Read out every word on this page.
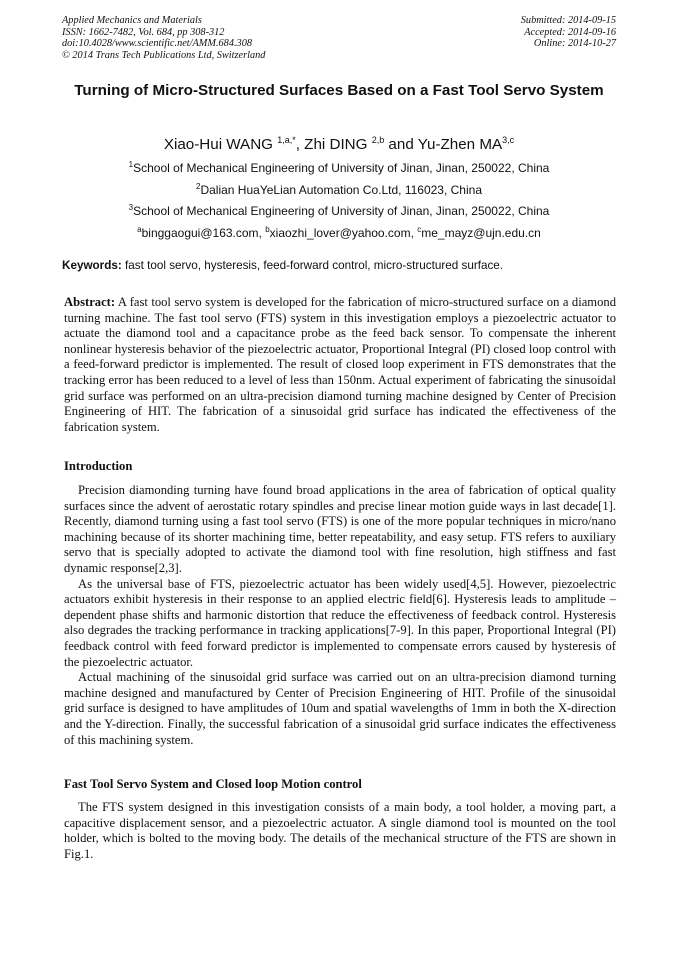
Applied Mechanics and Materials
ISSN: 1662-7482, Vol. 684, pp 308-312
doi:10.4028/www.scientific.net/AMM.684.308
© 2014 Trans Tech Publications Ltd, Switzerland
Submitted: 2014-09-15
Accepted: 2014-09-16
Online: 2014-10-27
Turning of Micro-Structured Surfaces Based on a Fast Tool Servo System
Xiao-Hui WANG $^{1,a,*}$, Zhi DING $^{2,b}$ and Yu-Zhen MA$^{3,c}$
$^1$School of Mechanical Engineering of University of Jinan, Jinan, 250022, China
$^2$Dalian HuaYeLian Automation Co.Ltd, 116023, China
$^3$School of Mechanical Engineering of University of Jinan, Jinan, 250022, China
$^a$binggaogui@163.com, $^b$xiaozhi_lover@yahoo.com, $^c$me_mayz@ujn.edu.cn
Keywords: fast tool servo, hysteresis, feed-forward control, micro-structured surface.

Abstract: A fast tool servo system is developed for the fabrication of micro-structured surface on a diamond turning machine. The fast tool servo (FTS) system in this investigation employs a piezoelectric actuator to actuate the diamond tool and a capacitance probe as the feed back sensor. To compensate the inherent nonlinear hysteresis behavior of the piezoelectric actuator, Proportional Integral (PI) closed loop control with a feed-forward predictor is implemented. The result of closed loop experiment in FTS demonstrates that the tracking error has been reduced to a level of less than 150nm. Actual experiment of fabricating the sinusoidal grid surface was performed on an ultra-precision diamond turning machine designed by Center of Precision Engineering of HIT. The fabrication of a sinusoidal grid surface has indicated the effectiveness of the fabrication system.

Introduction

Precision diamonding turning have found broad applications in the area of fabrication of optical quality surfaces since the advent of aerostatic rotary spindles and precise linear motion guide ways in last decade[1]. Recently, diamond turning using a fast tool servo (FTS) is one of the more popular techniques in micro/nano machining because of its shorter machining time, better repeatability, and easy setup. FTS refers to auxiliary servo that is specially adopted to activate the diamond tool with fine resolution, high stiffness and fast dynamic response[2,3].

As the universal base of FTS, piezoelectric actuator has been widely used[4,5]. However, piezoelectric actuators exhibit hysteresis in their response to an applied electric field[6]. Hysteresis leads to amplitude –dependent phase shifts and harmonic distortion that reduce the effectiveness of feedback control. Hysteresis also degrades the tracking performance in tracking applications[7-9]. In this paper, Proportional Integral (PI) feedback control with feed forward predictor is implemented to compensate errors caused by hysteresis of the piezoelectric actuator.

Actual machining of the sinusoidal grid surface was carried out on an ultra-precision diamond turning machine designed and manufactured by Center of Precision Engineering of HIT. Profile of the sinusoidal grid surface is designed to have amplitudes of 10um and spatial wavelengths of 1mm in both the X-direction and the Y-direction. Finally, the successful fabrication of a sinusoidal grid surface indicates the effectiveness of this machining system.

Fast Tool Servo System and Closed loop Motion control

The FTS system designed in this investigation consists of a main body, a tool holder, a moving part, a capacitive displacement sensor, and a piezoelectric actuator. A single diamond tool is mounted on the tool holder, which is bolted to the moving body. The details of the mechanical structure of the FTS are shown in Fig.1.
